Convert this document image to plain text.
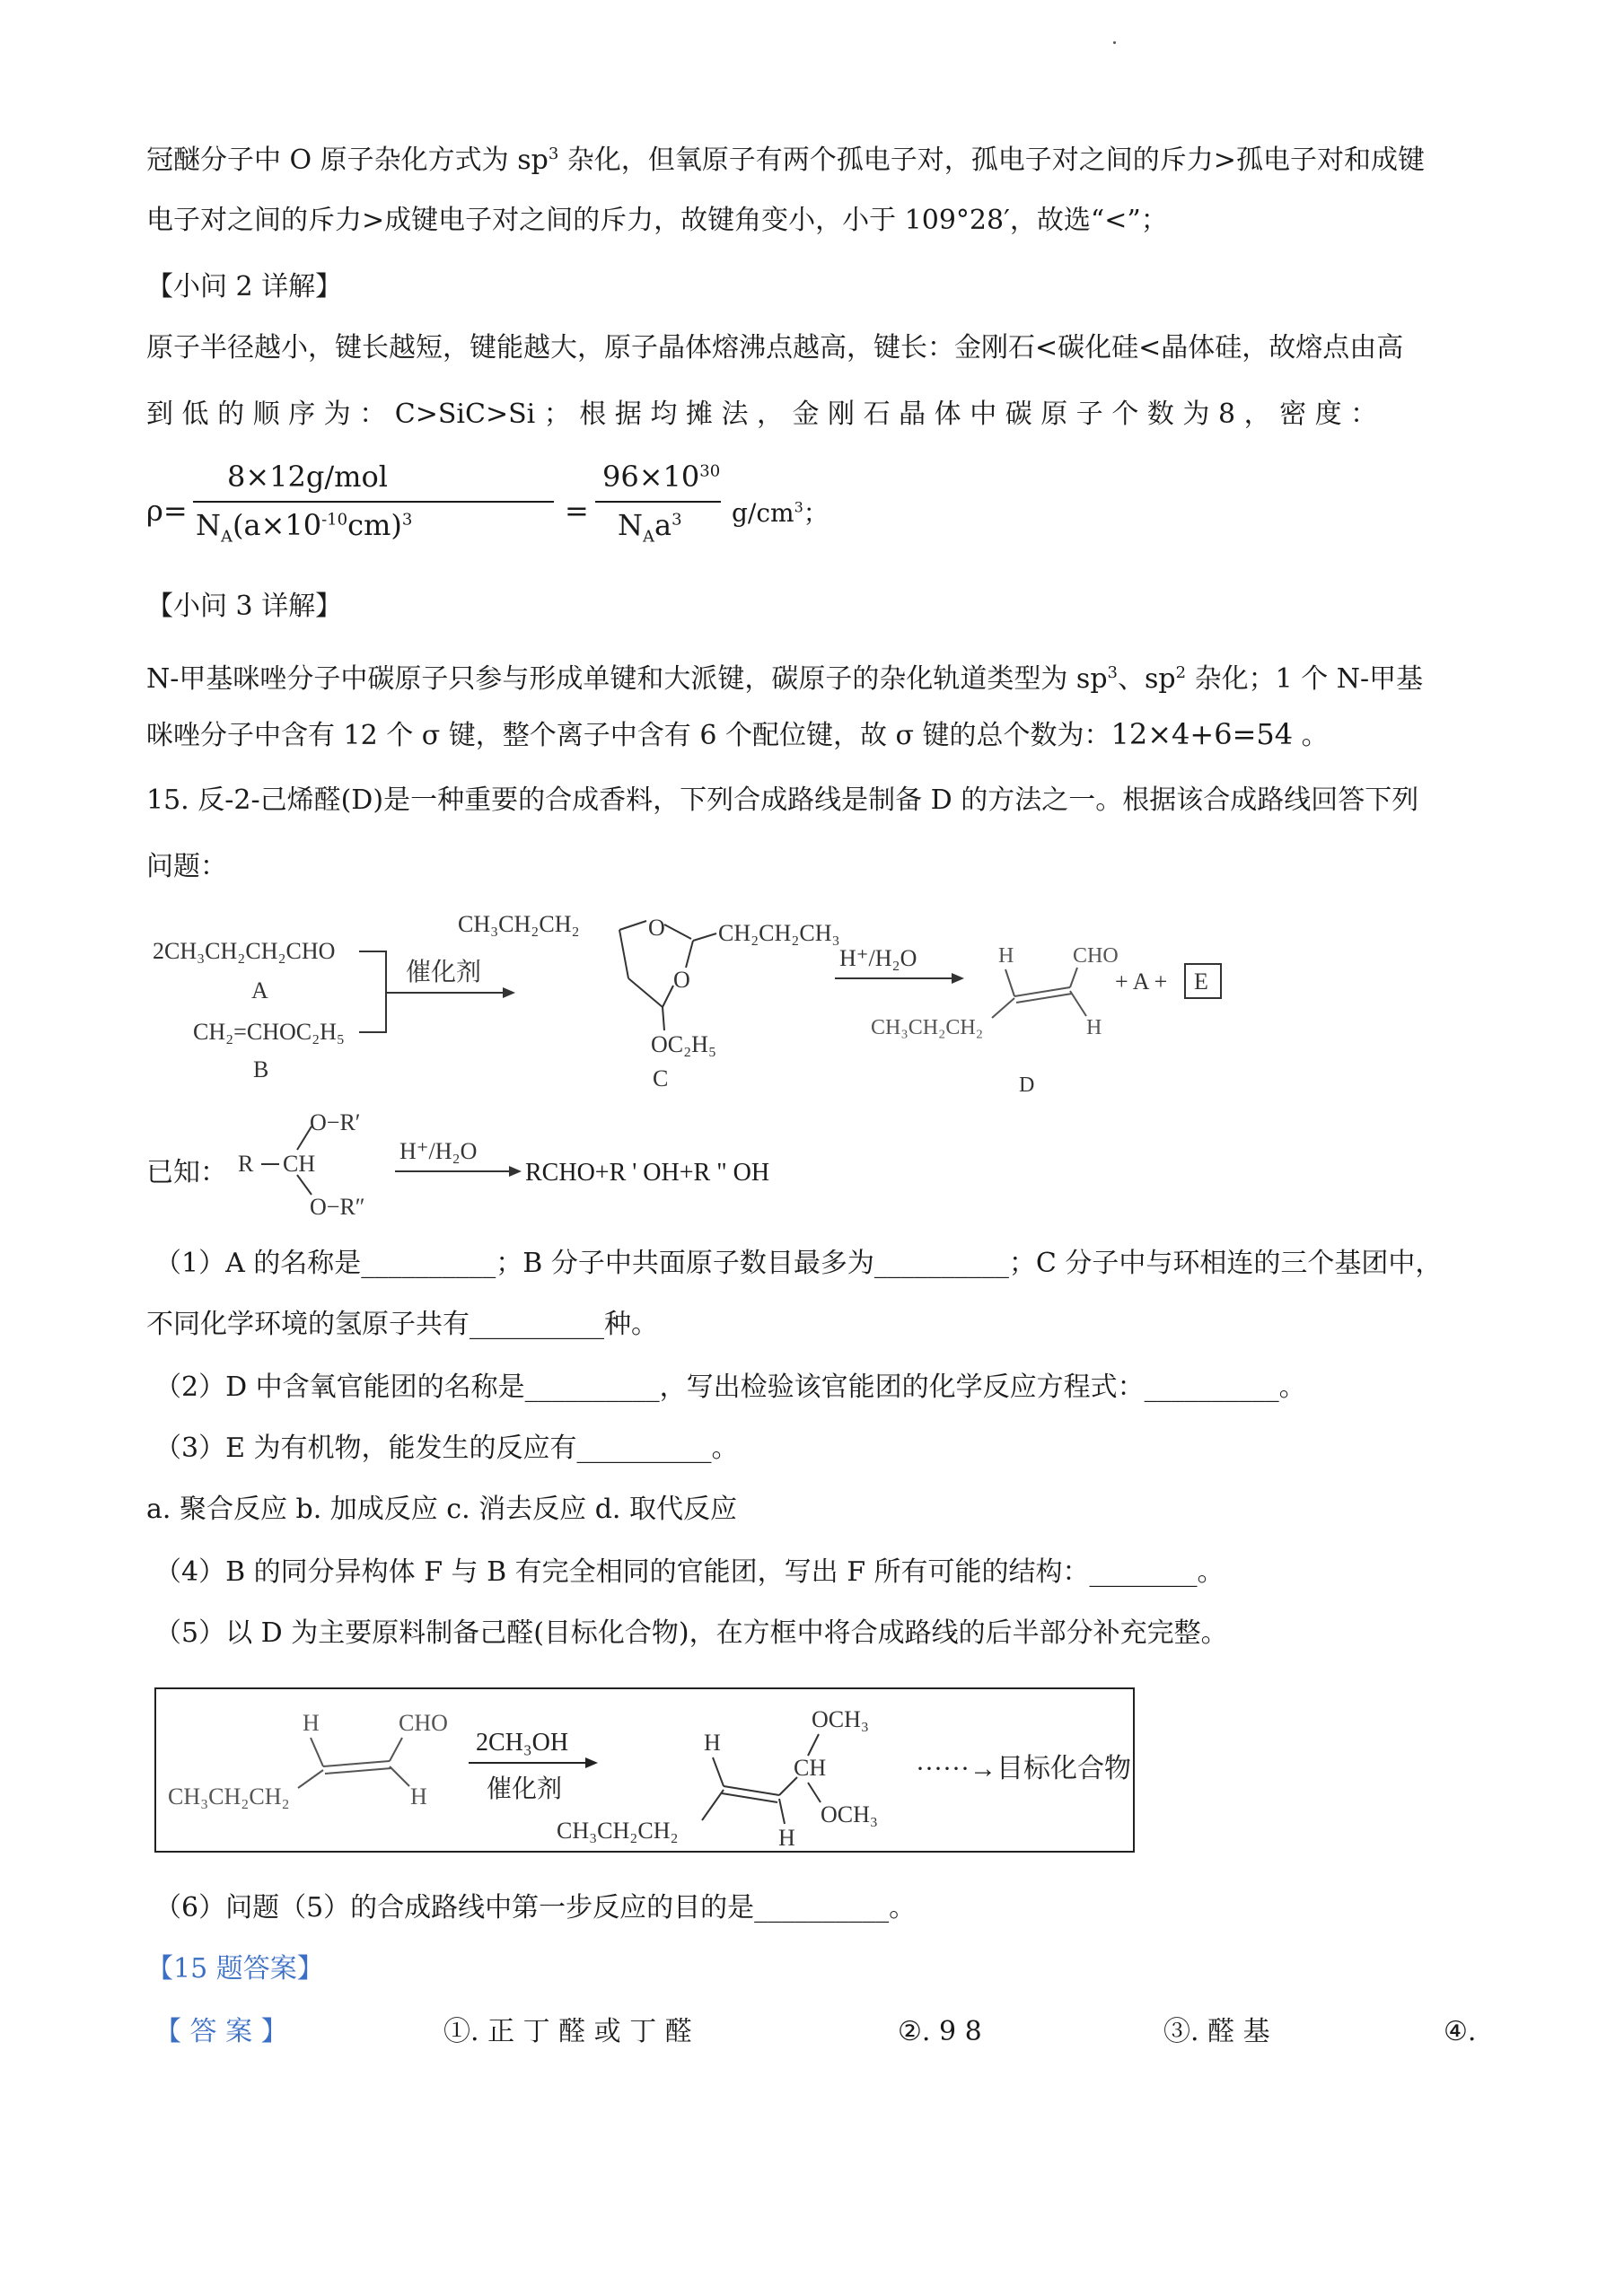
冠醚分子中 O 原子杂化方式为 $sp^3$ 杂化，但氧原子有两个孤电子对，孤电子对之间的斥力>孤电子对和成键
电子对之间的斥力>成键电子对之间的斥力，故键角变小，小于 109°28′，故选“<”；
【小问 2 详解】
原子半径越小，键长越短，键能越大，原子晶体熔沸点越高，键长：金刚石<碳化硅<晶体硅，故熔点由高
到 低 的 顺 序 为 ： C>SiC>Si ； 根 据 均 摊 法 ， 金 刚 石 晶 体 中 碳 原 子 个 数 为 8 ， 密 度 ：
ρ=
8×12g/mol
$N_A(a\times 10^{-10}cm)^3$	=
$96\times 10^{30}$
$N_Aa^3$ $g/cm^3$；
【小问 3 详解】
N-甲基咪唑分子中碳原子只参与形成单键和大派键，碳原子的杂化轨道类型为 $sp^3$、$sp^2$ 杂化；1 个 N-甲基
咪唑分子中含有 12 个 σ 键，整个离子中含有 6 个配位键，故 σ 键的总个数为：12×4+6=54 。
15. 反-2-己烯醛(D)是一种重要的合成香料，下列合成路线是制备 D 的方法之一。根据该合成路线回答下列
问题：
2CH₃CH₂CH₂CHO
A
CH₂=CHOC₂H₅
B
催化剂
CH₃CH₂CH₂	CH₂CH₂CH₃
O
O
OC₂H₅
C
H⁺/H₂O	H	CHO
H
CH₃CH₂CH₂
D
+ A + E
已知： R CH
O−R′
O−R″
H⁺/H₂O
RCHO+R ' OH+R " OH
（1）A 的名称是__________；B 分子中共面原子数目最多为__________；C 分子中与环相连的三个基团中，
不同化学环境的氢原子共有__________种。
（2）D 中含氧官能团的名称是__________，写出检验该官能团的化学反应方程式：__________。
（3）E 为有机物，能发生的反应有__________。
a. 聚合反应 b. 加成反应 c. 消去反应 d. 取代反应
（4）B 的同分异构体 F 与 B 有完全相同的官能团，写出 F 所有可能的结构：________。
（5）以 D 为主要原料制备己醛(目标化合物)，在方框中将合成路线的后半部分补充完整。
H	CHO
H
CH₃CH₂CH₂
2CH₃OH
催化剂
H
OCH₃
CH
OCH₃
CH₃CH₂CH₂	H
······→目标化合物
（6）问题（5）的合成路线中第一步反应的目的是__________。
【15 题答案】
【 答 案 】	①. 正 丁 醛 或 丁 醛	②. 9 8	③. 醛 基	④.
